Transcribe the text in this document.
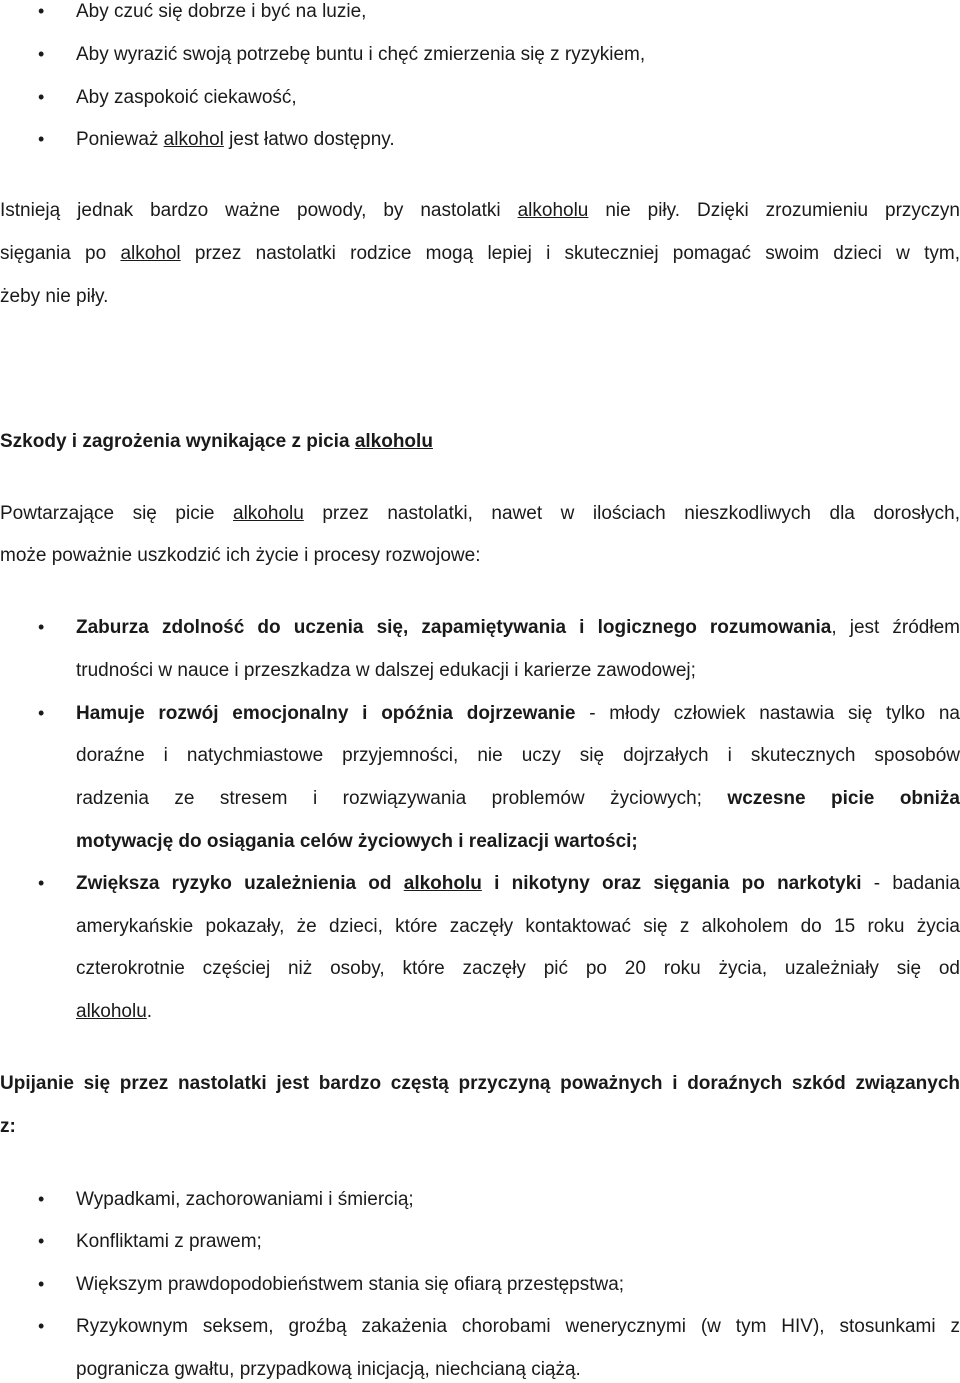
• Aby czuć się dobrze i być na luzie,
• Aby wyrazić swoją potrzebę buntu i chęć zmierzenia się z ryzykiem,
• Aby zaspokoić ciekawość,
• Ponieważ alkohol jest łatwo dostępny.
Istnieją jednak bardzo ważne powody, by nastolatki alkoholu nie piły. Dzięki zrozumieniu przyczyn
sięgania po alkohol przez nastolatki rodzice mogą lepiej i skuteczniej pomagać swoim dzieci w tym,
żeby nie piły.
Szkody i zagrożenia wynikające z picia alkoholu
Powtarzające się picie alkoholu przez nastolatki, nawet w ilościach nieszkodliwych dla dorosłych,
może poważnie uszkodzić ich życie i procesy rozwojowe:
• Zaburza zdolność do uczenia się, zapamiętywania i logicznego rozumowania, jest źródłem
trudności w nauce i przeszkadza w dalszej edukacji i karierze zawodowej;
• Hamuje rozwój emocjonalny i opóźnia dojrzewanie - młody człowiek nastawia się tylko na
doraźne i natychmiastowe przyjemności, nie uczy się dojrzałych i skutecznych sposobów
radzenia ze stresem i rozwiązywania problemów życiowych; wczesne picie obniża
motywację do osiągania celów życiowych i realizacji wartości;
• Zwiększa ryzyko uzależnienia od alkoholu i nikotyny oraz sięgania po narkotyki - badania
amerykańskie pokazały, że dzieci, które zaczęły kontaktować się z alkoholem do 15 roku życia
czterokrotnie częściej niż osoby, które zaczęły pić po 20 roku życia, uzależniały się od
alkoholu.
Upijanie się przez nastolatki jest bardzo częstą przyczyną poważnych i doraźnych szkód związanych
z:
• Wypadkami, zachorowaniami i śmiercią;
• Konfliktami z prawem;
• Większym prawdopodobieństwem stania się ofiarą przestępstwa;
• Ryzykownym seksem, groźbą zakażenia chorobami wenerycznymi (w tym HIV), stosunkami z
pogranicza gwałtu, przypadkową inicjacją, niechcianą ciążą.
